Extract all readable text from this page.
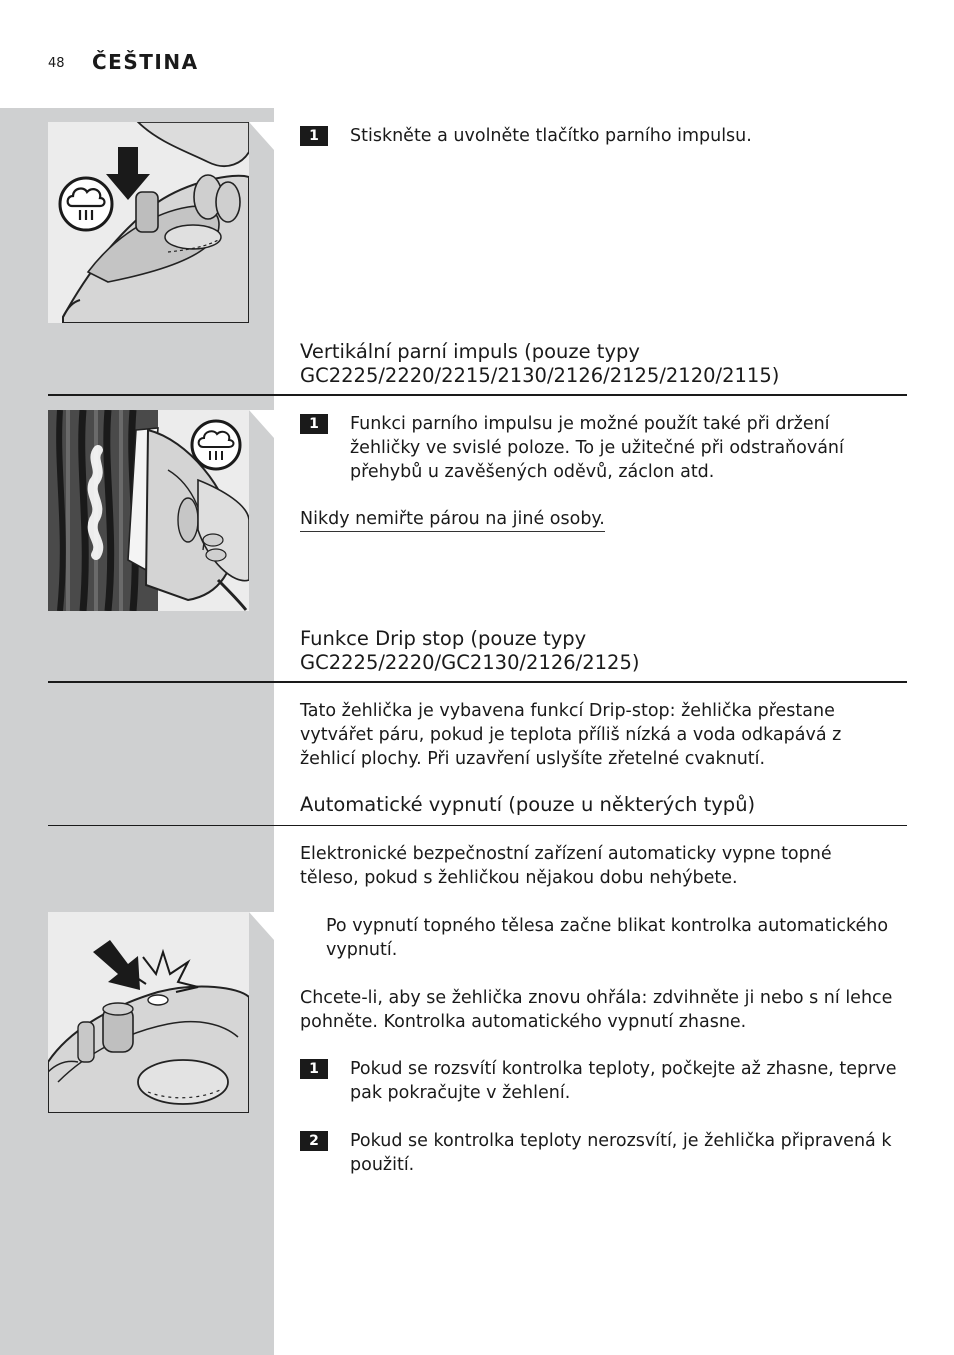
48 ČEŠTINA
1	Stiskněte a uvolněte tlačítko parního impulsu.
Vertikální parní impuls (pouze typy
GC2225/2220/2215/2130/2126/2125/2120/2115)
1	Funkci parního impulsu je možné použít také při držení žehličky ve svislé poloze. To je užitečné při odstraňování přehybů u zavěšených oděvů, záclon atd.
Nikdy nemiřte párou na jiné osoby.
Funkce Drip stop (pouze typy
GC2225/2220/GC2130/2126/2125)
Tato žehlička je vybavena funkcí Drip-stop: žehlička přestane vytvářet páru, pokud je teplota příliš nízká a voda odkapává z žehlicí plochy. Při uzavření uslyšíte zřetelné cvaknutí.
Automatické vypnutí (pouze u některých typů)
Elektronické bezpečnostní zařízení automaticky vypne topné těleso, pokud s žehličkou nějakou dobu nehýbete.
Po vypnutí topného tělesa začne blikat kontrolka automatického vypnutí.
Chcete-li, aby se žehlička znovu ohřála: zdvihněte ji nebo s ní lehce pohněte. Kontrolka automatického vypnutí zhasne.
1	Pokud se rozsvítí kontrolka teploty, počkejte až zhasne, teprve pak pokračujte v žehlení.
2	Pokud se kontrolka teploty nerozsvítí, je žehlička připravená k použití.
